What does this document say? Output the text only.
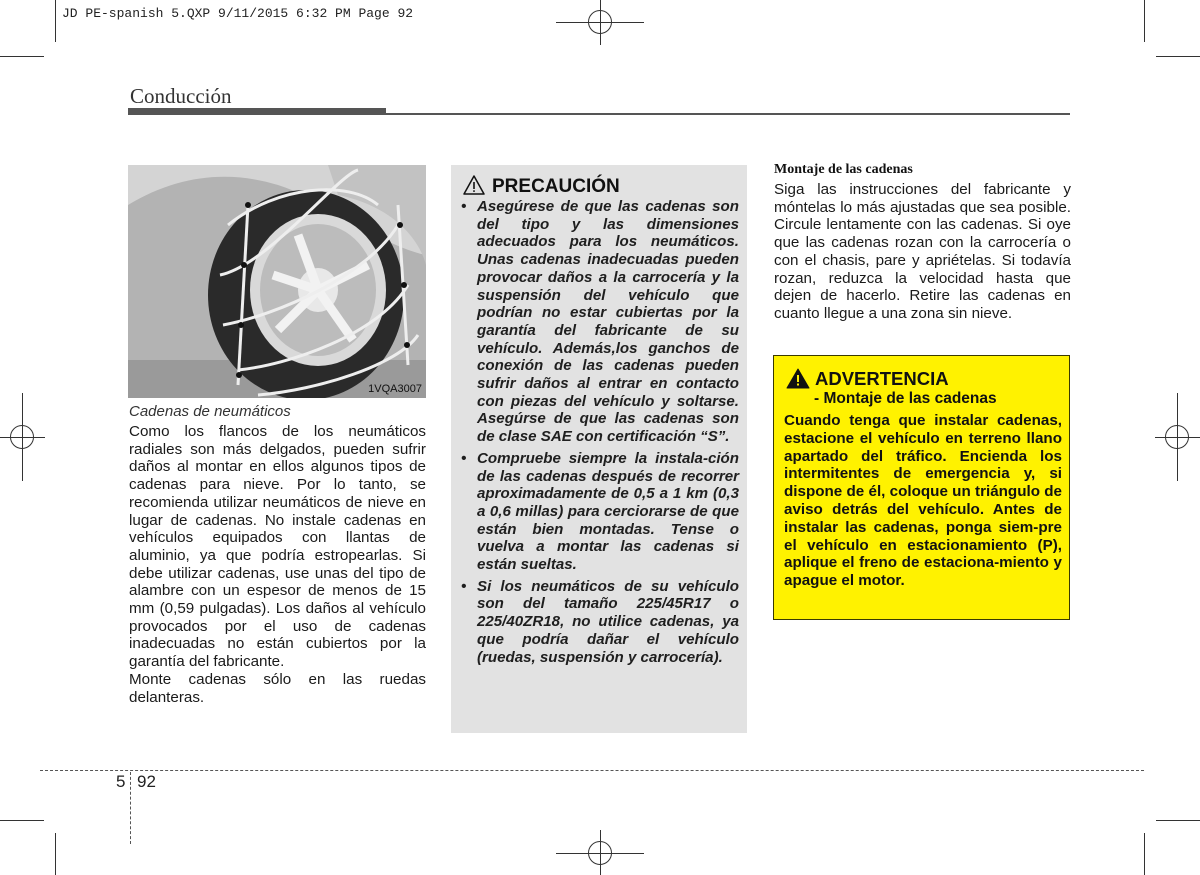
JD PE-spanish 5.QXP 9/11/2015 6:32 PM Page 92
Conducción
1VQA3007
Cadenas de neumáticos

Como los flancos de los neumáticos radiales son más delgados, pueden sufrir daños al montar en ellos algunos tipos de cadenas para nieve. Por lo tanto, se recomienda utilizar neumáticos de nieve en lugar de cadenas. No instale cadenas en vehículos equipados con llantas de aluminio, ya que podría estropearlas. Si debe utilizar cadenas, use unas del tipo de alambre con un espesor de menos de 15 mm (0,59 pulgadas). Los daños al vehículo provocados por el uso de cadenas inadecuadas no están cubiertos por la garantía del fabricante.

Monte cadenas sólo en las ruedas delanteras.

PRECAUCIÓN
• Asegúrese de que las cadenas son del tipo y las dimensiones adecuados para los neumáticos. Unas cadenas inadecuadas pueden provocar daños a la carrocería y la suspensión del vehículo que podrían no estar cubiertas por la garantía del fabricante de su vehículo. Además,los ganchos de conexión de las cadenas pueden sufrir daños al entrar en contacto con piezas del vehículo y soltarse. Asegúrse de que las cadenas son de clase SAE con certificación “S”.
• Compruebe siempre la instala-ción de las cadenas después de recorrer aproximadamente de 0,5 a 1 km (0,3 a 0,6 millas) para cerciorarse de que están bien montadas. Tense o vuelva a montar las cadenas si están sueltas.
• Si los neumáticos de su vehículo son del tamaño 225/45R17 o 225/40ZR18, no utilice cadenas, ya que podría dañar el vehículo (ruedas, suspensión y carrocería).
Montaje de las cadenas

Siga las instrucciones del fabricante y móntelas lo más ajustadas que sea posible. Circule lentamente con las cadenas. Si oye que las cadenas rozan con la carrocería o con el chasis, pare y apriételas. Si todavía rozan, reduzca la velocidad hasta que dejen de hacerlo. Retire las cadenas en cuanto llegue a una zona sin nieve.

ADVERTENCIA
- Montaje de las cadenas

Cuando tenga que instalar cadenas, estacione el vehículo en terreno llano apartado del tráfico. Encienda los intermitentes de emergencia y, si dispone de él, coloque un triángulo de aviso detrás del vehículo. Antes de instalar las cadenas, ponga siem-pre el vehículo en estacionamiento (P), aplique el freno de estaciona-miento y apague el motor.

5 92
